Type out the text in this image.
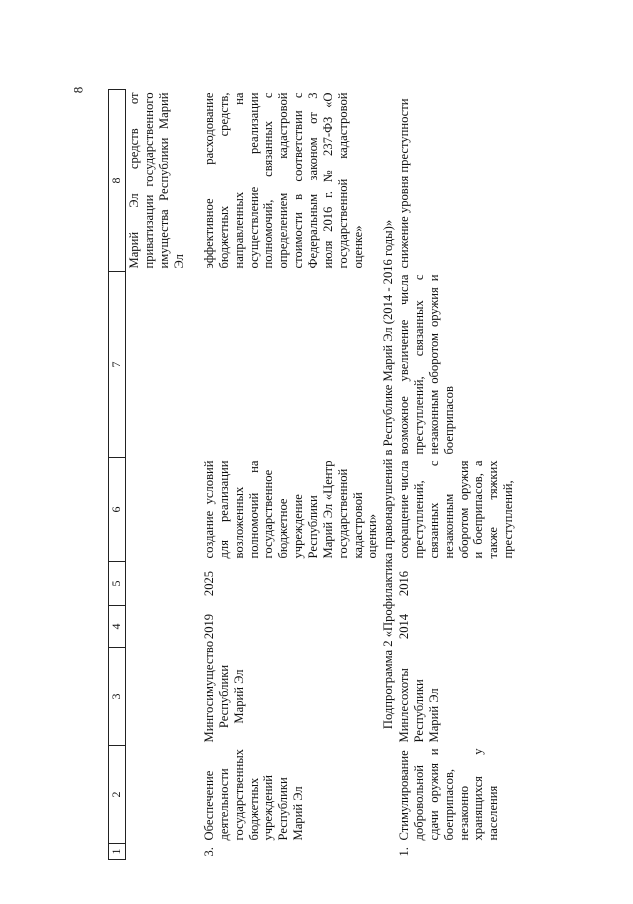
8
1	2	3	4	5	6	7	8
							Марий Эл средств от приватизации государственного имущества Республики Марий Эл
3.	Обеспечение деятельности государственных бюджетных учреждений Республики Марий Эл	Мингосимущество Республики Марий Эл	2019	2025	создание условий для реализации возложенных полномочий на государственное бюджетное учреждение Республики Марий Эл «Центр государственной кадастровой оценки»		эффективное расходование бюджетных средств, направленных на осуществление реализации полномочий, связанных с определением кадастровой стоимости в соответствии с Федеральным законом от 3 июля 2016 г. № 237-ФЗ «О государственной кадастровой оценке»
Подпрограмма 2 «Профилактика правонарушений в Республике Марий Эл (2014 - 2016 годы)»							
1.	Стимулирование добровольной сдачи оружия и боеприпасов, незаконно хранящихся у населения	Минлесохоты Республики Марий Эл	2014	2016	сокращение числа преступлений, связанных с незаконным оборотом оружия и боеприпасов, а также тяжких преступлений,	возможное увеличение числа преступлений, связанных с незаконным оборотом оружия и боеприпасов	снижение уровня преступности
